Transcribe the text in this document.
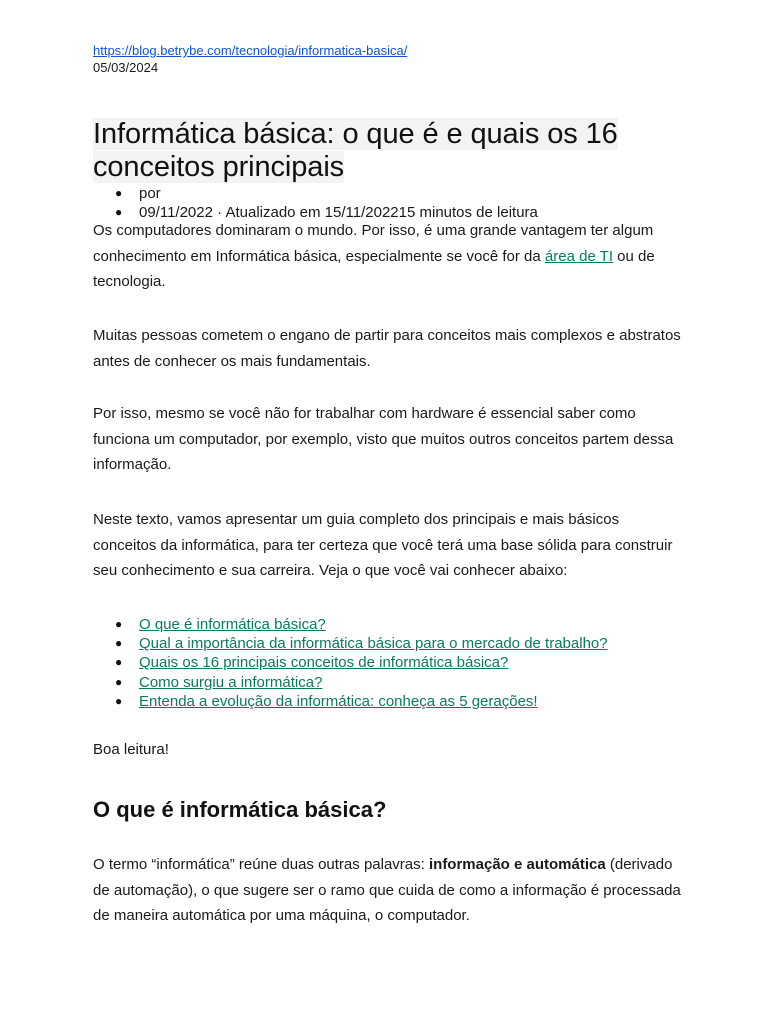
https://blog.betrybe.com/tecnologia/informatica-basica/
05/03/2024
Informática básica: o que é e quais os 16 conceitos principais
● por
● 09/11/2022 · Atualizado em 15/11/202215 minutos de leitura

Os computadores dominaram o mundo. Por isso, é uma grande vantagem ter algum conhecimento em Informática básica, especialmente se você for da área de TI ou de tecnologia.

Muitas pessoas cometem o engano de partir para conceitos mais complexos e abstratos antes de conhecer os mais fundamentais.

Por isso, mesmo se você não for trabalhar com hardware é essencial saber como funciona um computador, por exemplo, visto que muitos outros conceitos partem dessa informação.

Neste texto, vamos apresentar um guia completo dos principais e mais básicos conceitos da informática, para ter certeza que você terá uma base sólida para construir seu conhecimento e sua carreira. Veja o que você vai conhecer abaixo:

● O que é informática básica?
● Qual a importância da informática básica para o mercado de trabalho?
● Quais os 16 principais conceitos de informática básica?
● Como surgiu a informática?
● Entenda a evolução da informática: conheça as 5 gerações!

Boa leitura!

O que é informática básica?

O termo “informática” reúne duas outras palavras: informação e automática (derivado de automação), o que sugere ser o ramo que cuida de como a informação é processada de maneira automática por uma máquina, o computador.
